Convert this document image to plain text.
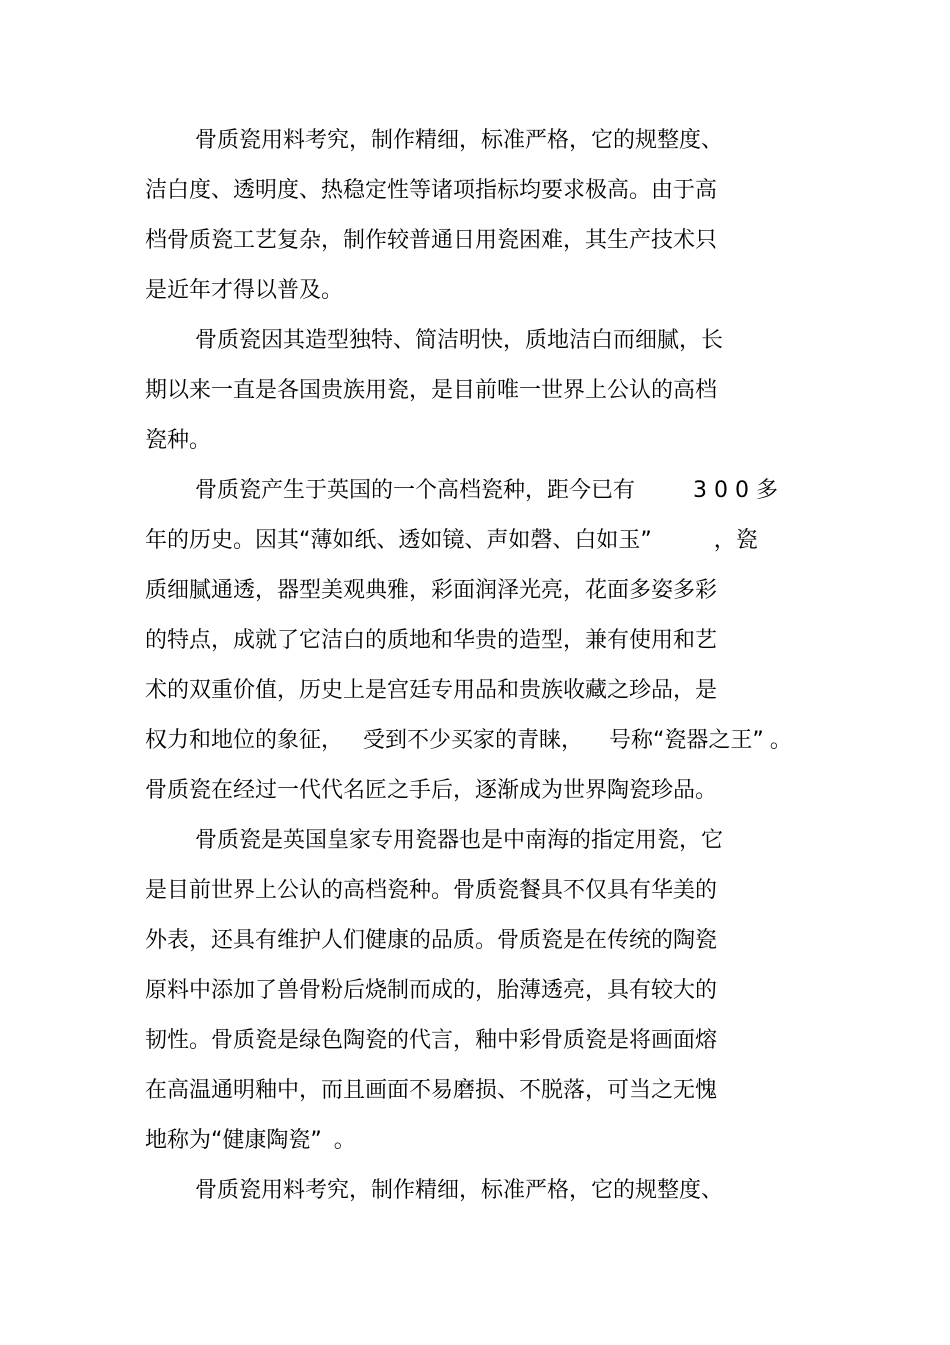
骨质瓷用料考究，制作精细，标准严格，它的规整度、
洁白度、透明度、热稳定性等诸项指标均要求极高。由于高
档骨质瓷工艺复杂，制作较普通日用瓷困难，其生产技术只
是近年才得以普及。
骨质瓷因其造型独特、简洁明快，质地洁白而细腻，长
期以来一直是各国贵族用瓷，是目前唯一世界上公认的高档
瓷种。
骨质瓷产生于英国的一个高档瓷种，距今已有	3 0 0 多
年的历史。因其“薄如纸、透如镜、声如磬、白如玉”	，瓷
质细腻通透，器型美观典雅，彩面润泽光亮，花面多姿多彩
的特点，成就了它洁白的质地和华贵的造型，兼有使用和艺
术的双重价值，历史上是宫廷专用品和贵族收藏之珍品，是
权力和地位的象征， 受到不少买家的青睐， 号称“瓷器之王” 。
骨质瓷在经过一代代名匠之手后，逐渐成为世界陶瓷珍品。
骨质瓷是英国皇家专用瓷器也是中南海的指定用瓷，它
是目前世界上公认的高档瓷种。骨质瓷餐具不仅具有华美的
外表，还具有维护人们健康的品质。骨质瓷是在传统的陶瓷
原料中添加了兽骨粉后烧制而成的，胎薄透亮，具有较大的
韧性。骨质瓷是绿色陶瓷的代言，釉中彩骨质瓷是将画面熔
在高温通明釉中，而且画面不易磨损、不脱落，可当之无愧
地称为“健康陶瓷” 。
骨质瓷用料考究，制作精细，标准严格，它的规整度、
